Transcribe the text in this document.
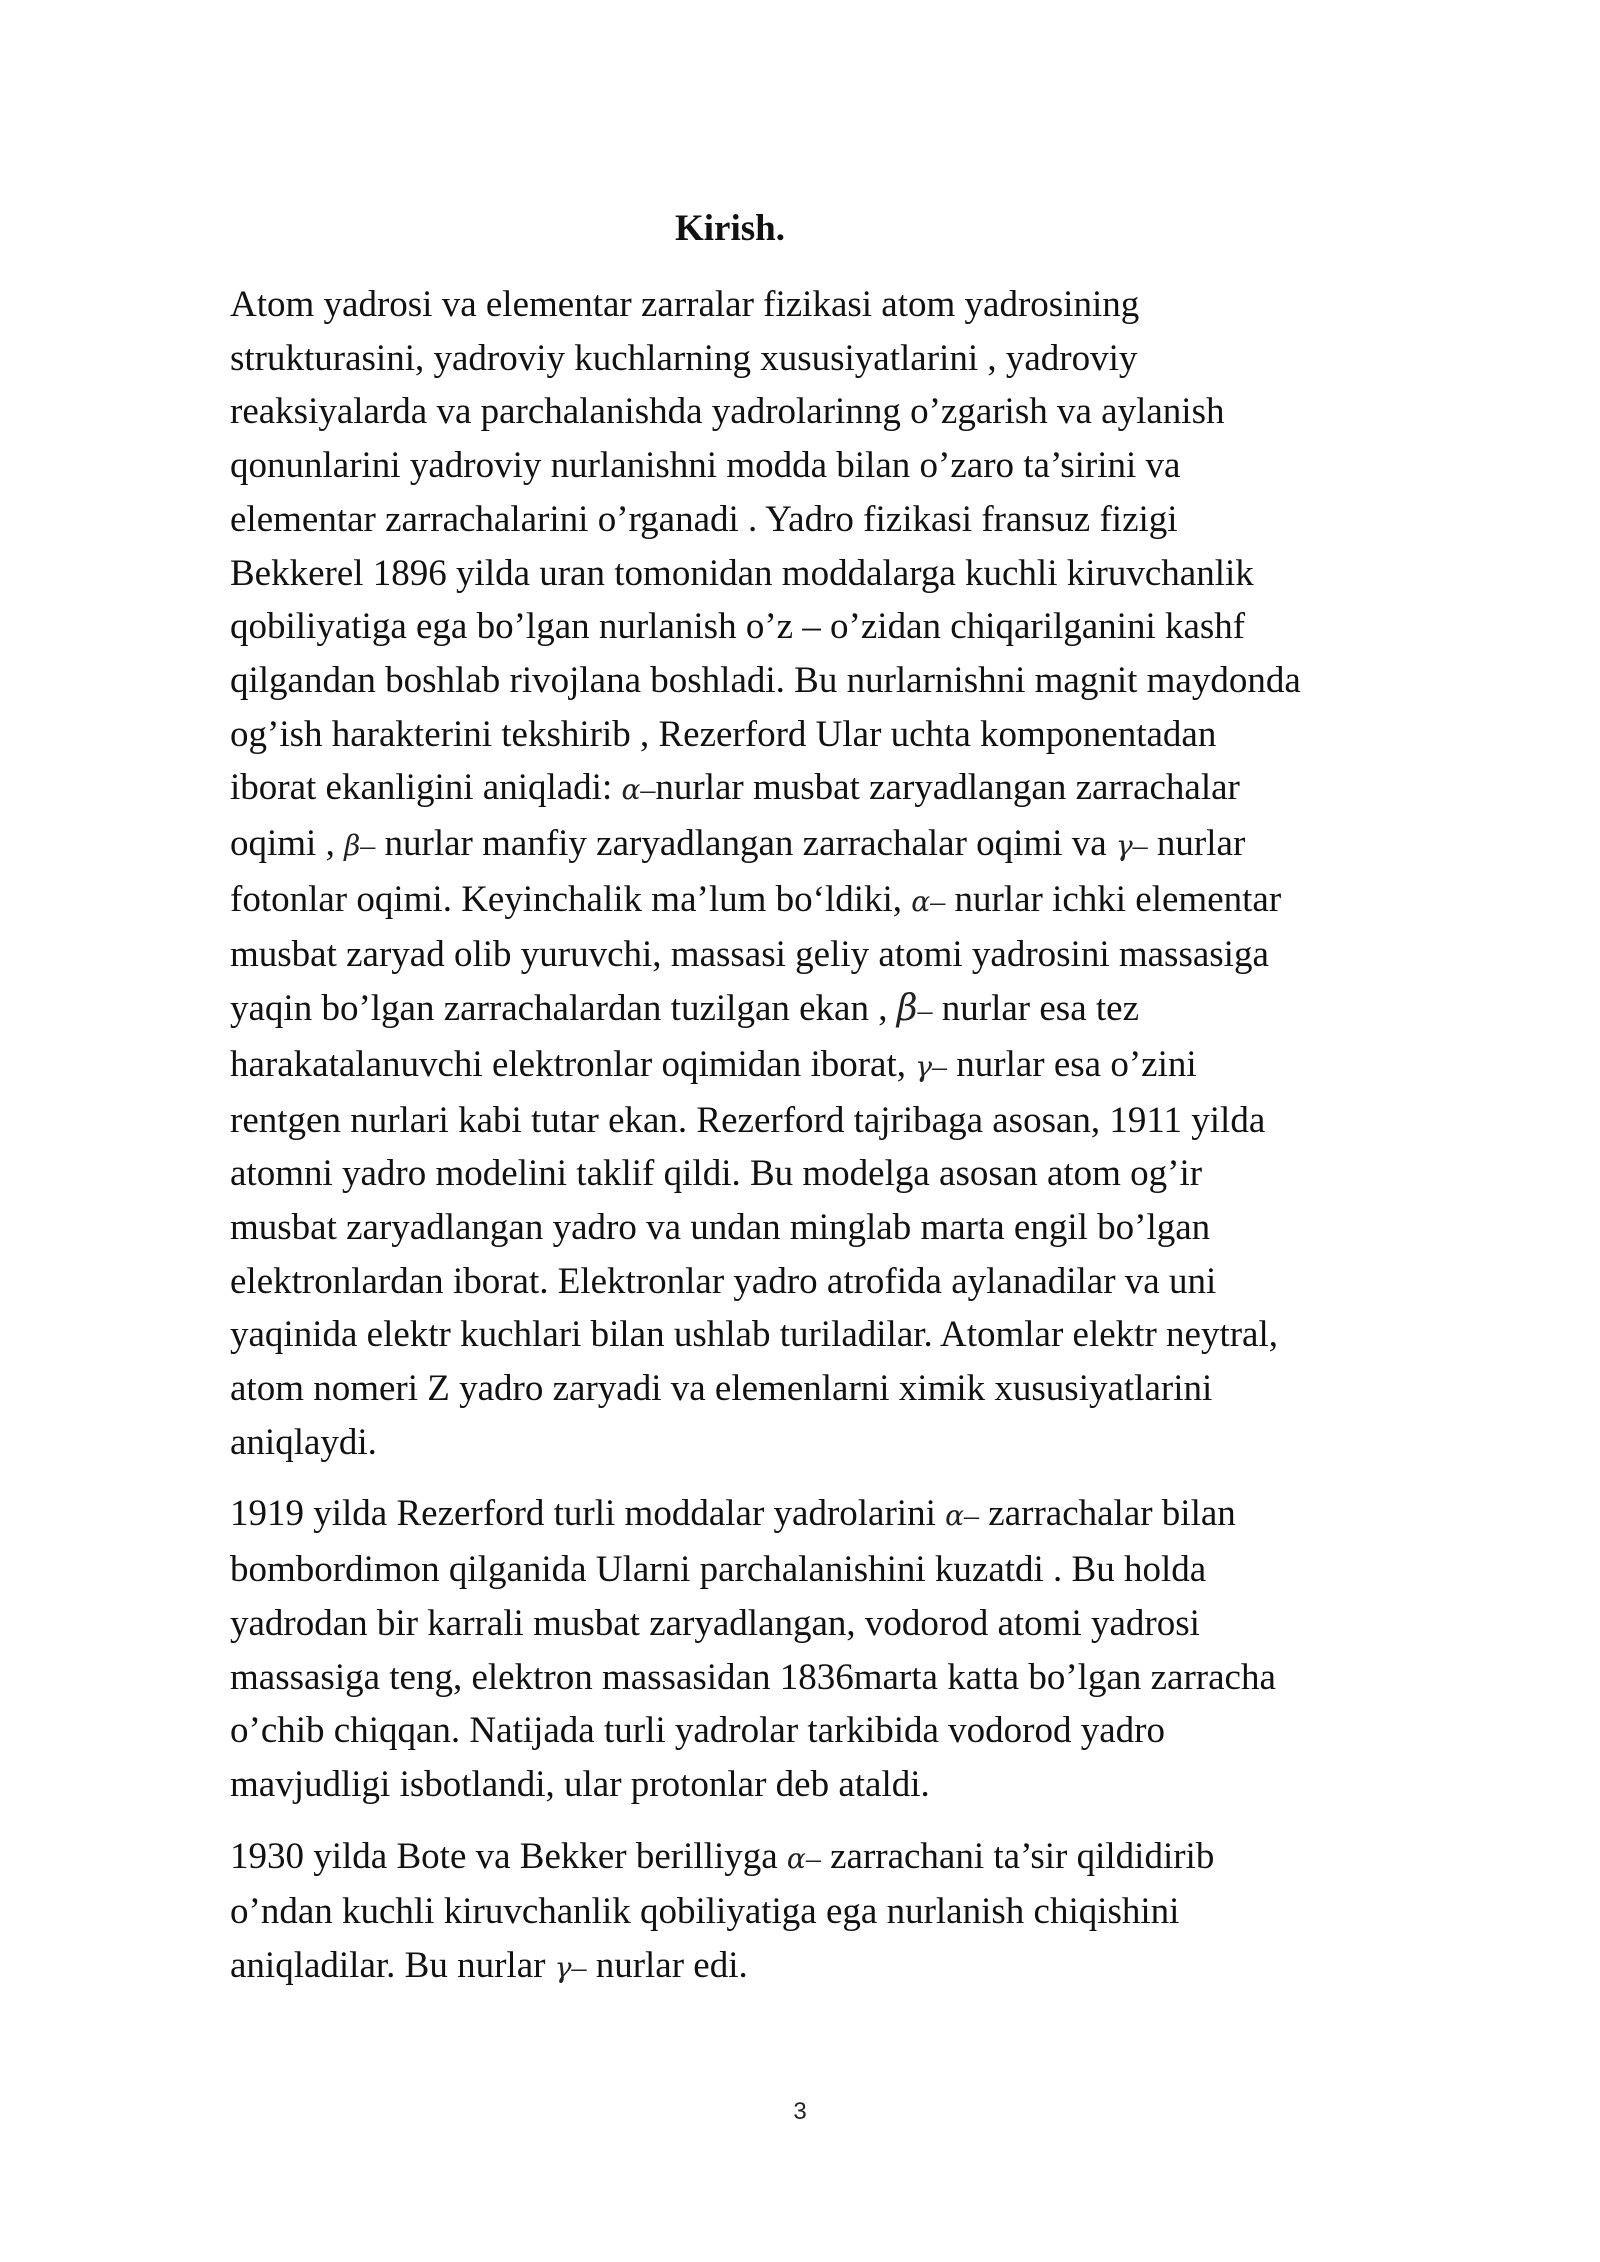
Kirish.

Atom yadrosi va elementar zarralar fizikasi atom yadrosining
strukturasini, yadroviy kuchlarning xususiyatlarini , yadroviy
reaksiyalarda va parchalanishda yadrolarinng o’zgarish va aylanish
qonunlarini yadroviy nurlanishni modda bilan o’zaro ta’sirini va
elementar zarrachalarini o’rganadi . Yadro fizikasi fransuz fizigi
Bekkerel 1896 yilda uran tomonidan moddalarga kuchli kiruvchanlik
qobiliyatiga ega bo’lgan nurlanish o’z – o’zidan chiqarilganini kashf
qilgandan boshlab rivojlana boshladi. Bu nurlarnishni magnit maydonda
og’ish harakterini tekshirib , Rezerford Ular uchta komponentadan
iborat ekanligini aniqladi: α–nurlar musbat zaryadlangan zarrachalar
oqimi , β– nurlar manfiy zaryadlangan zarrachalar oqimi va γ– nurlar
fotonlar oqimi. Keyinchalik ma’lum bo‘ldiki, α– nurlar ichki elementar
musbat zaryad olib yuruvchi, massasi geliy atomi yadrosini massasiga
yaqin bo’lgan zarrachalardan tuzilgan ekan , β– nurlar esa tez
harakatalanuvchi elektronlar oqimidan iborat, γ– nurlar esa o’zini
rentgen nurlari kabi tutar ekan. Rezerford tajribaga asosan, 1911 yilda
atomni yadro modelini taklif qildi. Bu modelga asosan atom og’ir
musbat zaryadlangan yadro va undan minglab marta engil bo’lgan
elektronlardan iborat. Elektronlar yadro atrofida aylanadilar va uni
yaqinida elektr kuchlari bilan ushlab turiladilar. Atomlar elektr neytral,
atom nomeri Z yadro zaryadi va elemenlarni ximik xususiyatlarini
aniqlaydi.

1919 yilda Rezerford turli moddalar yadrolarini α– zarrachalar bilan
bombordimon qilganida Ularni parchalanishini kuzatdi . Bu holda
yadrodan bir karrali musbat zaryadlangan, vodorod atomi yadrosi
massasiga teng, elektron massasidan 1836marta katta bo’lgan zarracha
o’chib chiqqan. Natijada turli yadrolar tarkibida vodorod yadro
mavjudligi isbotlandi, ular protonlar deb ataldi.

1930 yilda Bote va Bekker berilliyga α– zarrachani ta’sir qildidirib
o’ndan kuchli kiruvchanlik qobiliyatiga ega nurlanish chiqishini
aniqladilar. Bu nurlar γ– nurlar edi.

3
